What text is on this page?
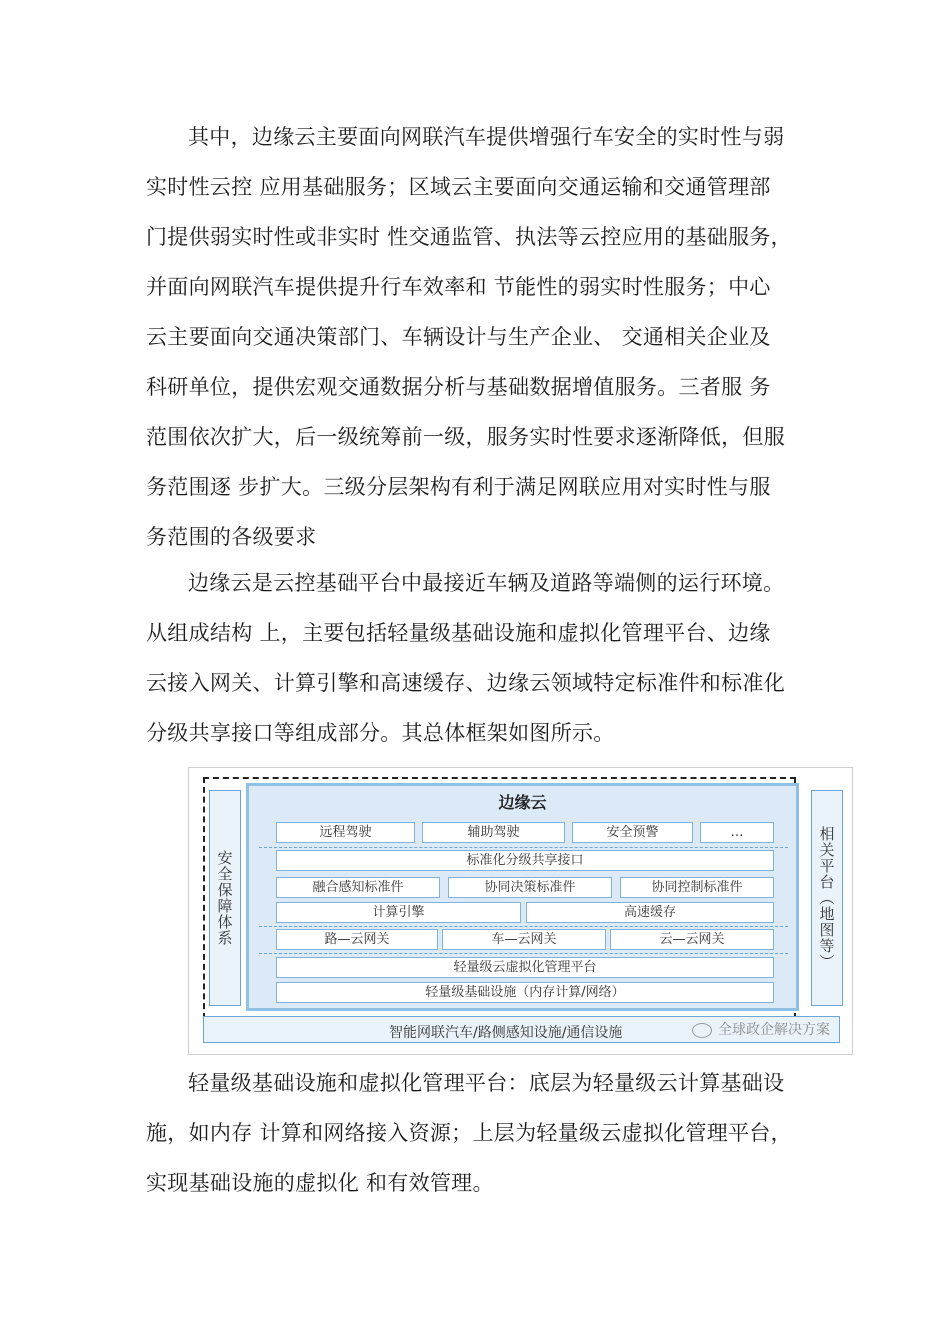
其中，边缘云主要面向网联汽车提供增强行车安全的实时性与弱
实时性云控 应用基础服务；区域云主要面向交通运输和交通管理部
门提供弱实时性或非实时 性交通监管、执法等云控应用的基础服务，
并面向网联汽车提供提升行车效率和 节能性的弱实时性服务；中心
云主要面向交通决策部门、车辆设计与生产企业、 交通相关企业及
科研单位，提供宏观交通数据分析与基础数据增值服务。三者服 务
范围依次扩大，后一级统筹前一级，服务实时性要求逐渐降低，但服
务范围逐 步扩大。三级分层架构有利于满足网联应用对实时性与服
务范围的各级要求
边缘云是云控基础平台中最接近车辆及道路等端侧的运行环境。
从组成结构 上，主要包括轻量级基础设施和虚拟化管理平台、边缘
云接入网关、计算引擎和高速缓存、边缘云领域特定标准件和标准化
分级共享接口等组成部分。其总体框架如图所示。
安全保障体系	相关平台（地图等）
边缘云
远程驾驶	辅助驾驶	安全预警	…
标准化分级共享接口
融合感知标准件	协同决策标准件	协同控制标准件
计算引擎	高速缓存
路—云网关	车—云网关	云—云网关
轻量级云虚拟化管理平台
轻量级基础设施（内存计算/网络）
智能网联汽车/路侧感知设施/通信设施	全球政企解决方案
轻量级基础设施和虚拟化管理平台：底层为轻量级云计算基础设
施，如内存 计算和网络接入资源；上层为轻量级云虚拟化管理平台，
实现基础设施的虚拟化 和有效管理。
